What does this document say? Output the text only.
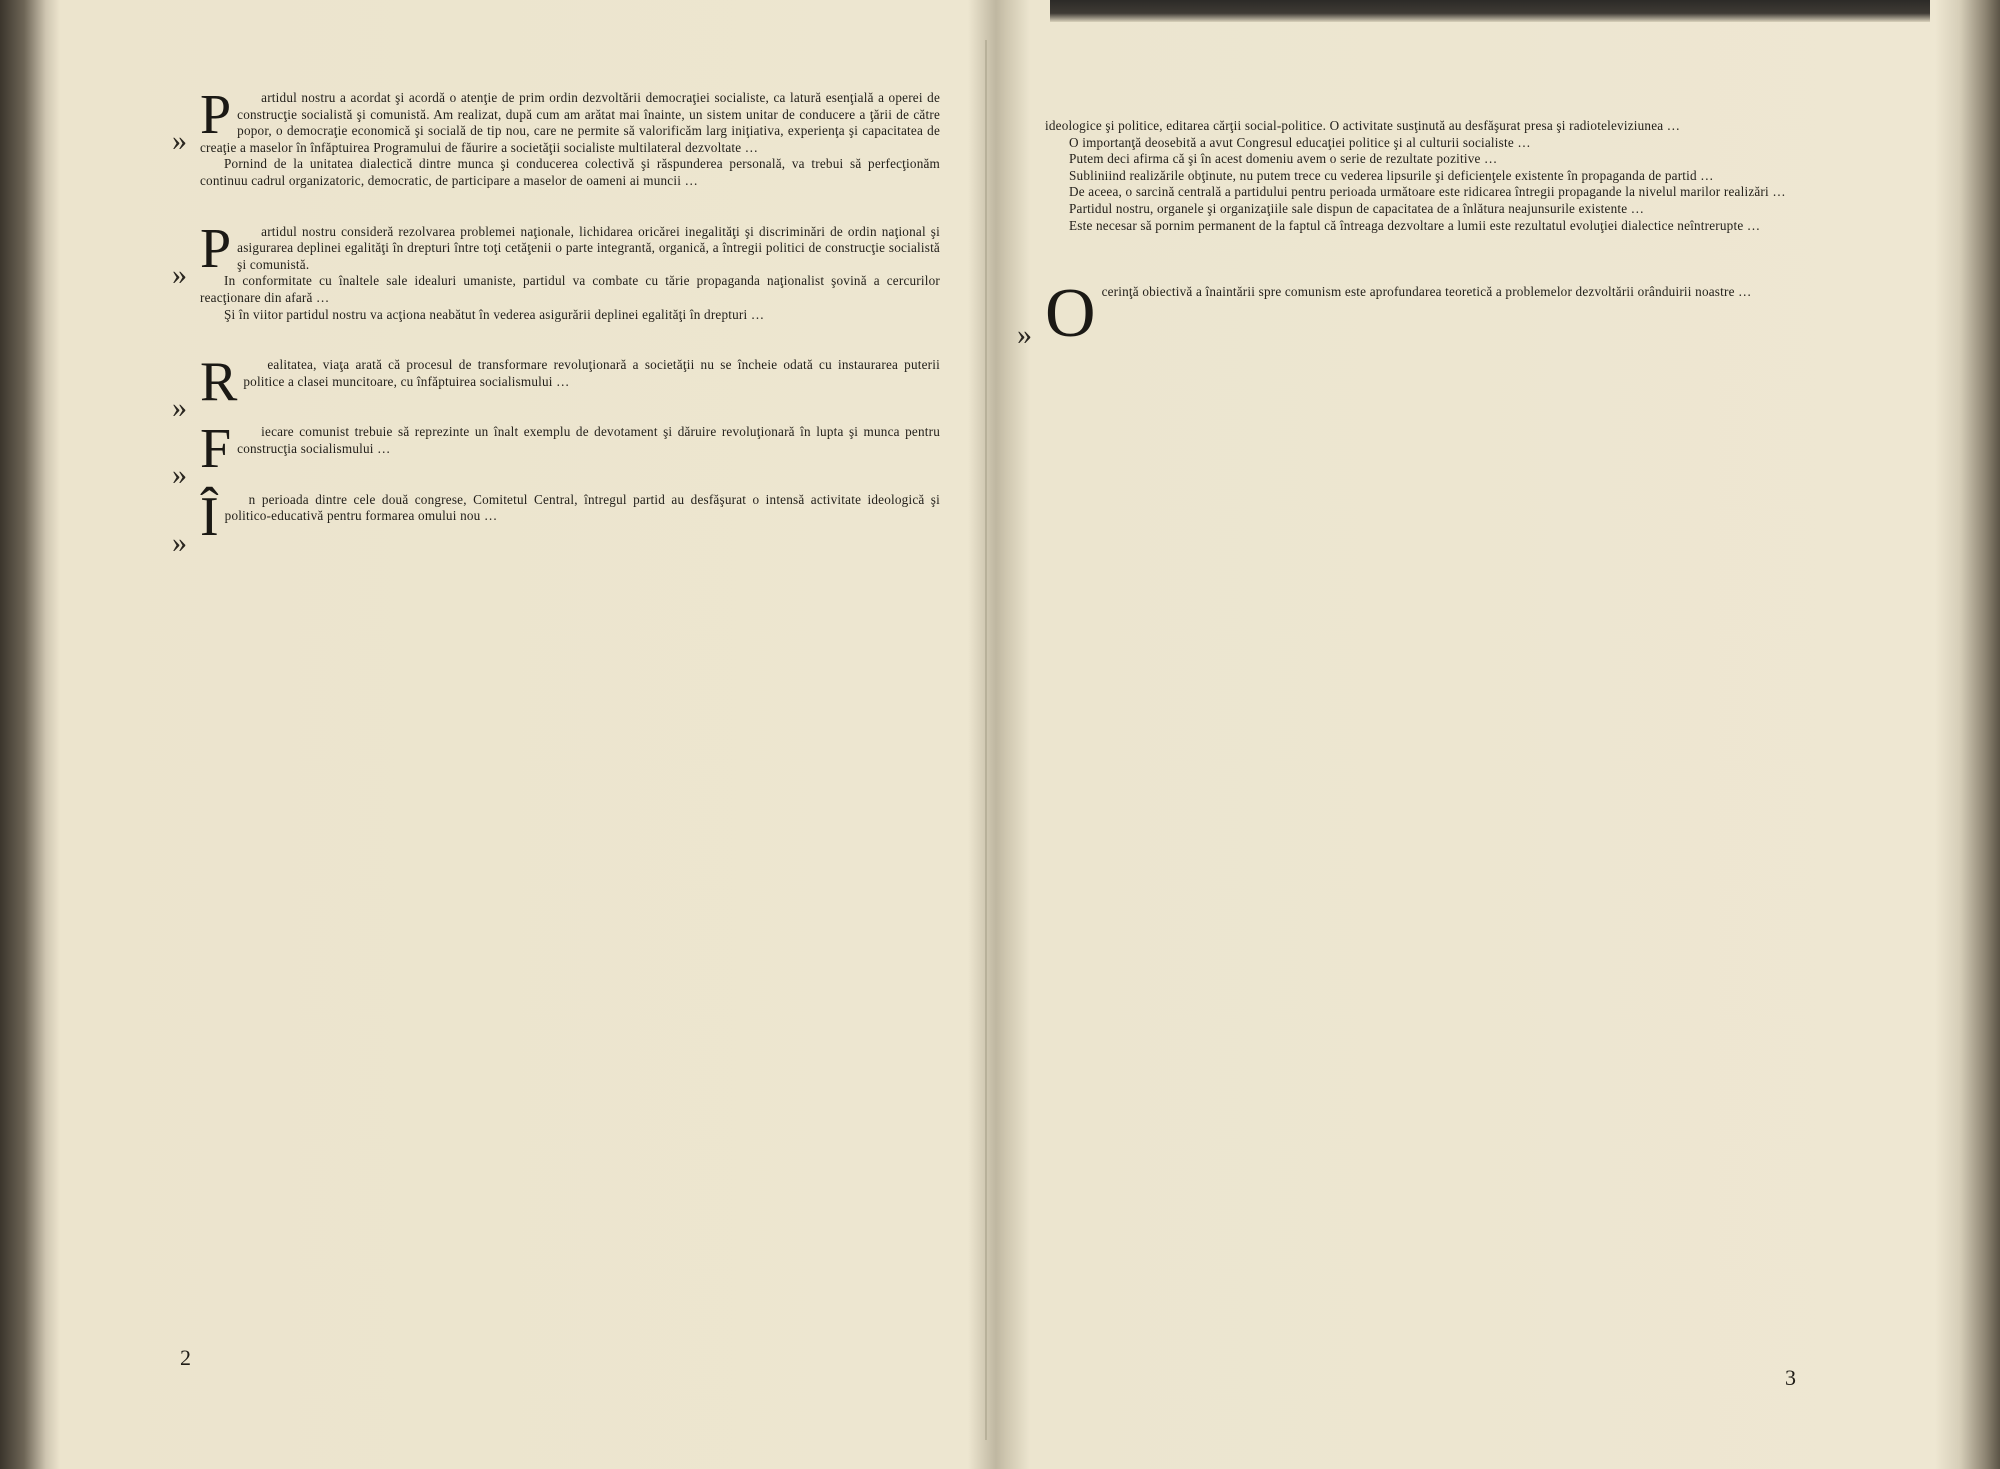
» P	artidul nostru a acordat şi acordă o atenţie de prim ordin dezvoltării democraţiei socialiste, ca latură esenţială a operei de construcţie socialistă şi comunistă. Am realizat, după cum am arătat mai înainte, un sistem unitar de conducere a ţării de către popor, o democraţie economică şi socială de tip nou, care ne permite să valorificăm larg iniţiativa, experienţa şi capacitatea de creaţie a maselor în înfăptuirea Programului de făurire a societăţii socialiste multilateral dezvoltate …

Pornind de la unitatea dialectică dintre munca şi conducerea colectivă şi răspunderea personală, va trebui să perfecţionăm continuu cadrul organizatoric, democratic, de participare a maselor de oameni ai muncii …

» P	artidul nostru consideră rezolvarea problemei naţionale, lichidarea oricărei inegalităţi şi discriminări de ordin naţional şi asigurarea deplinei egalităţi în drepturi între toţi cetăţenii o parte integrantă, organică, a întregii politici de construcţie socialistă şi comunistă.

In conformitate cu înaltele sale idealuri umaniste, partidul va combate cu tărie propaganda naţionalist şovină a cercurilor reacţionare din afară …

Şi în viitor partidul nostru va acţiona neabătut în vederea asigurării deplinei egalităţi în drepturi …

» R	ealitatea, viaţa arată că procesul de transformare revoluţionară a societăţii nu se încheie odată cu instaurarea puterii politice a clasei muncitoare, cu înfăptuirea socialismului …

» F	iecare comunist trebuie să reprezinte un înalt exemplu de devotament şi dăruire revoluţionară în lupta şi munca pentru construcţia socialismului …

» Î	n perioada dintre cele două congrese, Comitetul Central, întregul partid au desfăşurat o intensă activitate ideologică şi politico-educativă pentru formarea omului nou …

2

ideologice şi politice, editarea cărţii social-politice. O activitate susţinută au desfăşurat presa şi radioteleviziunea …

O importanţă deosebită a avut Congresul educaţiei politice şi al culturii socialiste …

Putem deci afirma că şi în acest domeniu avem o serie de rezultate pozitive …

Subliniind realizările obţinute, nu putem trece cu vederea lipsurile şi deficienţele existente în propaganda de partid …

De aceea, o sarcină centrală a partidului pentru perioada următoare este ridicarea întregii propagande la nivelul marilor realizări …

Partidul nostru, organele şi organizaţiile sale dispun de capacitatea de a înlătura neajunsurile existente …

Este necesar să pornim permanent de la faptul că întreaga dezvoltare a lumii este rezultatul evoluţiei dialectice neîntrerupte …

» O cerinţă obiectivă a înaintării spre comunism este aprofundarea teoretică a problemelor dezvoltării orânduirii noastre …

3
